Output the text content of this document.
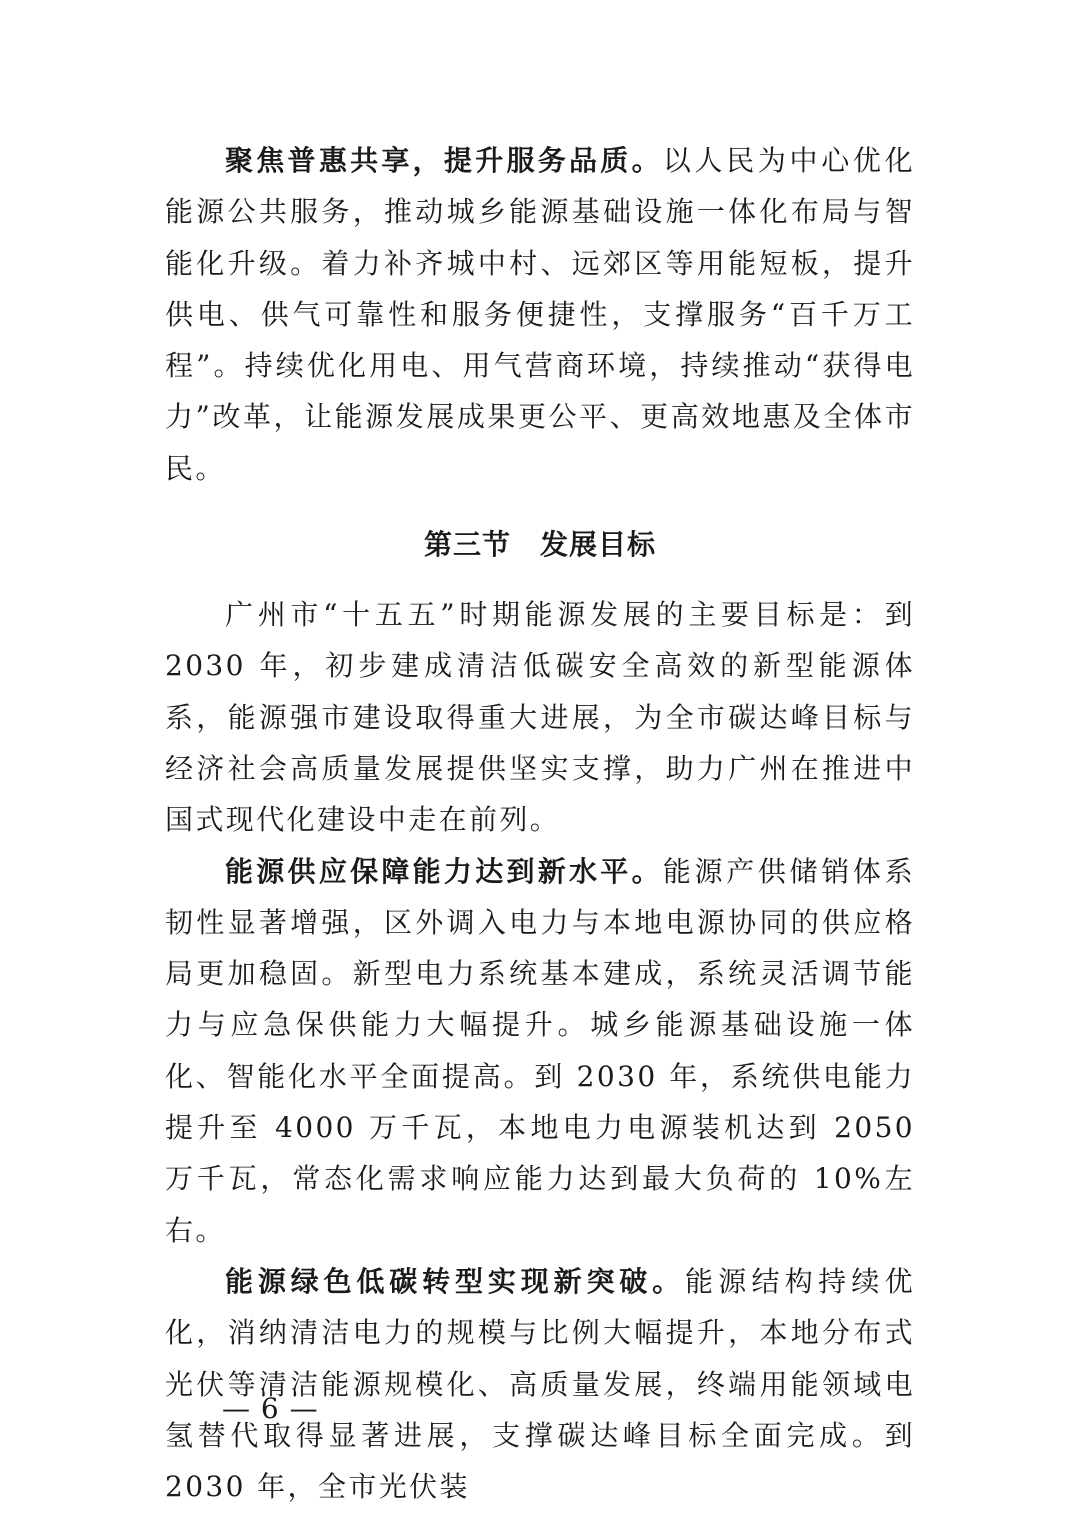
聚焦普惠共享，提升服务品质。以人民为中心优化能源公共服务，推动城乡能源基础设施一体化布局与智能化升级。着力补齐城中村、远郊区等用能短板，提升供电、供气可靠性和服务便捷性，支撑服务“百千万工程”。持续优化用电、用气营商环境，持续推动“获得电力”改革，让能源发展成果更公平、更高效地惠及全体市民。

第三节　发展目标

广州市“十五五”时期能源发展的主要目标是：到 2030 年，初步建成清洁低碳安全高效的新型能源体系，能源强市建设取得重大进展，为全市碳达峰目标与经济社会高质量发展提供坚实支撑，助力广州在推进中国式现代化建设中走在前列。

能源供应保障能力达到新水平。能源产供储销体系韧性显著增强，区外调入电力与本地电源协同的供应格局更加稳固。新型电力系统基本建成，系统灵活调节能力与应急保供能力大幅提升。城乡能源基础设施一体化、智能化水平全面提高。到 2030 年，系统供电能力提升至 4000 万千瓦，本地电力电源装机达到 2050 万千瓦，常态化需求响应能力达到最大负荷的 10%左右。

能源绿色低碳转型实现新突破。能源结构持续优化，消纳清洁电力的规模与比例大幅提升，本地分布式光伏等清洁能源规模化、高质量发展，终端用能领域电氢替代取得显著进展，支撑碳达峰目标全面完成。到 2030 年，全市光伏装

— 6 —
